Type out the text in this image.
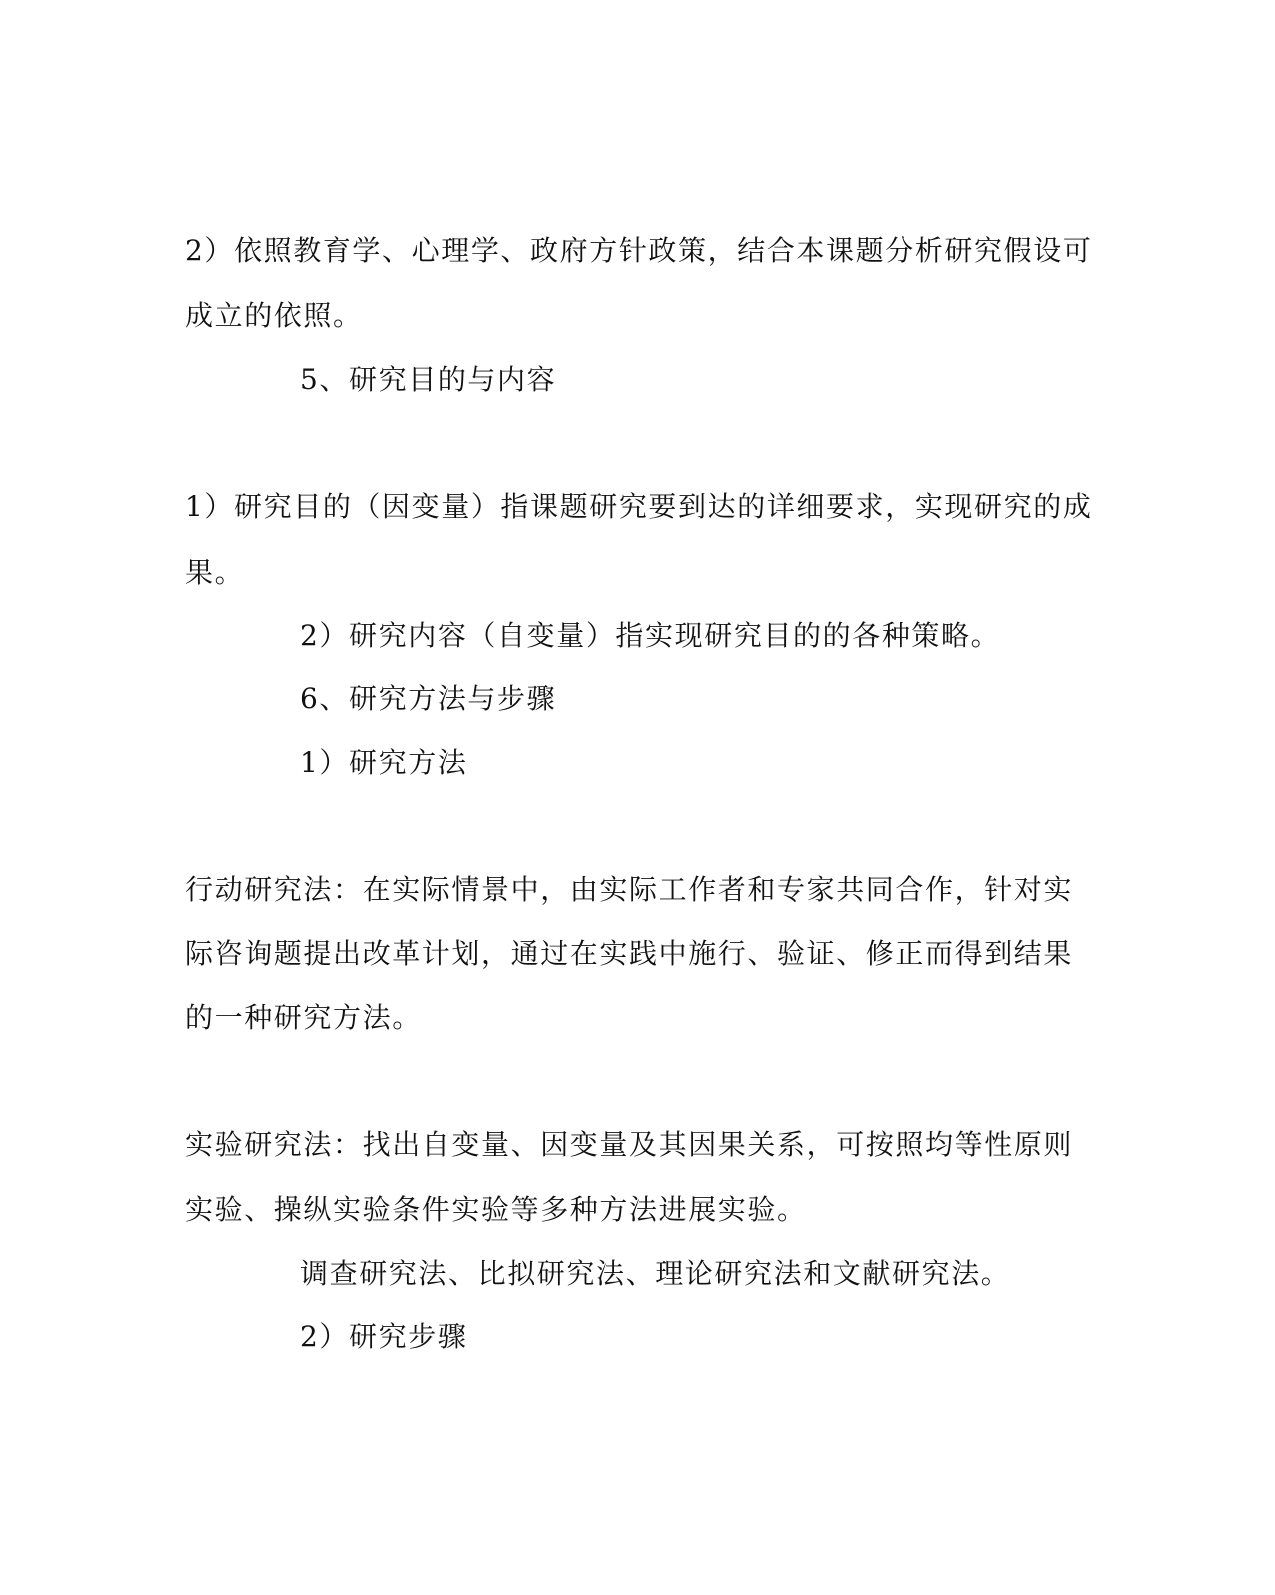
2）依照教育学、心理学、政府方针政策，结合本课题分析研究假设可
成立的依照。
5、研究目的与内容
1）研究目的（因变量）指课题研究要到达的详细要求，实现研究的成
果。
2）研究内容（自变量）指实现研究目的的各种策略。
6、研究方法与步骤
1）研究方法
行动研究法：在实际情景中，由实际工作者和专家共同合作，针对实
际咨询题提出改革计划，通过在实践中施行、验证、修正而得到结果
的一种研究方法。
实验研究法：找出自变量、因变量及其因果关系，可按照均等性原则
实验、操纵实验条件实验等多种方法进展实验。
调查研究法、比拟研究法、理论研究法和文献研究法。
2）研究步骤
